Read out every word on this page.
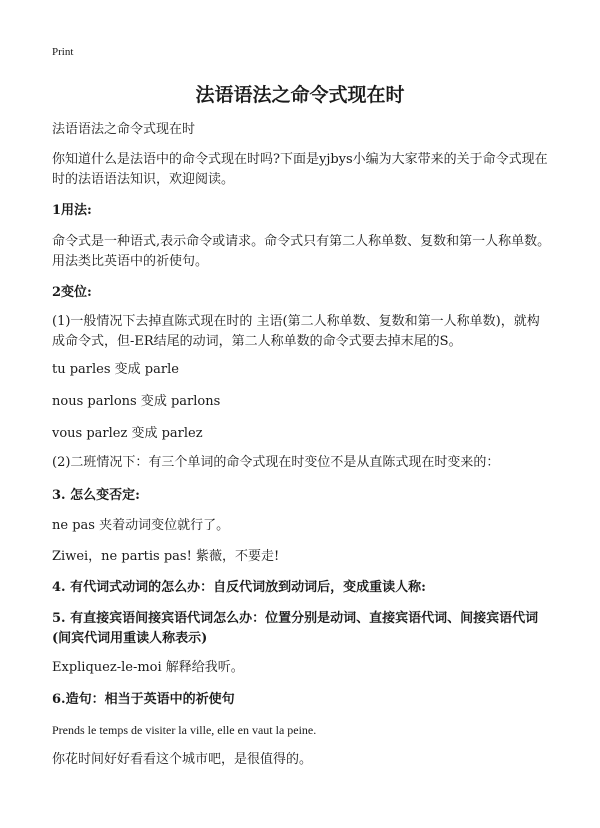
Print
法语语法之命令式现在时

法语语法之命令式现在时

你知道什么是法语中的命令式现在时吗?下面是yjbys小编为大家带来的关于命令式现在时的法语语法知识，欢迎阅读。

1用法:

命令式是一种语式,表示命令或请求。命令式只有第二人称单数、复数和第一人称单数。用法类比英语中的祈使句。

2变位:

(1)一般情况下去掉直陈式现在时的 主语(第二人称单数、复数和第一人称单数)，就构成命令式，但-ER结尾的动词，第二人称单数的命令式要去掉末尾的S。

tu parles 变成 parle

nous parlons 变成 parlons

vous parlez 变成 parlez

(2)二班情况下：有三个单词的命令式现在时变位不是从直陈式现在时变来的：

3. 怎么变否定:

ne pas 夹着动词变位就行了。

Ziwei，ne partis pas! 紫薇，不要走!

4. 有代词式动词的怎么办：自反代词放到动词后，变成重读人称:

5. 有直接宾语间接宾语代词怎么办：位置分别是动词、直接宾语代词、间接宾语代词(间宾代词用重读人称表示)

Expliquez-le-moi 解释给我听。

6.造句：相当于英语中的祈使句

Prends le temps de visiter la ville, elle en vaut la peine.

你花时间好好看看这个城市吧，是很值得的。
